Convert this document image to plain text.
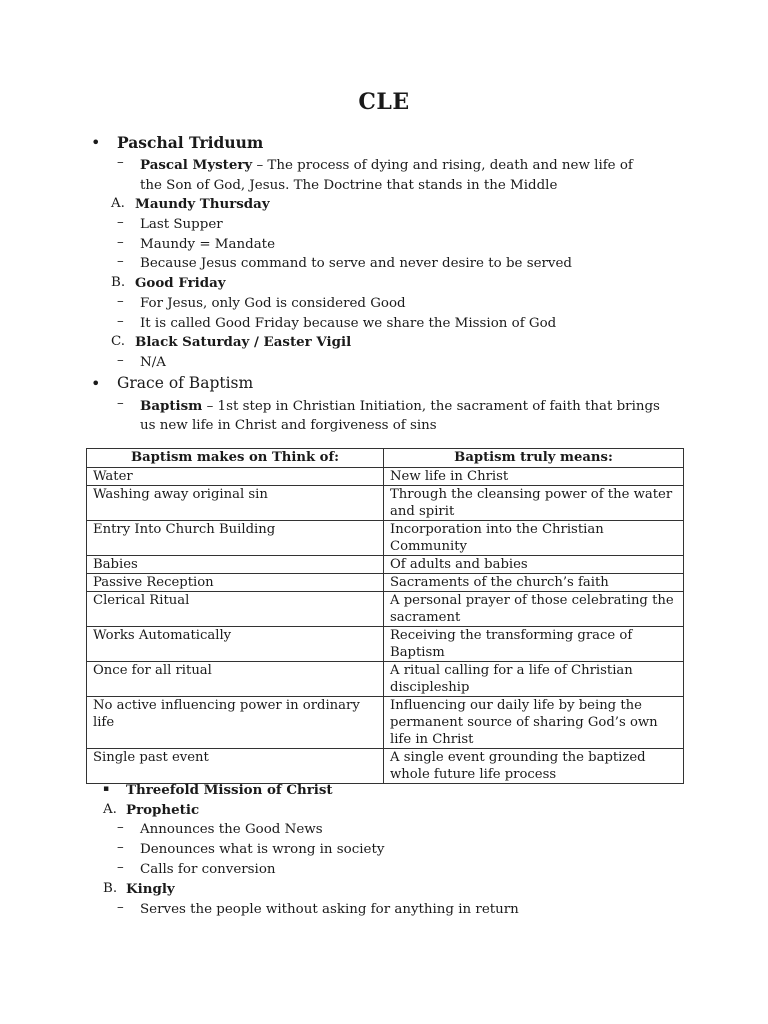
CLE
• Paschal Triduum
– Pascal Mystery – The process of dying and rising, death and new life of
the Son of God, Jesus. The Doctrine that stands in the Middle
A. Maundy Thursday
– Last Supper
– Maundy = Mandate
– Because Jesus command to serve and never desire to be served
B. Good Friday
– For Jesus, only God is considered Good
– It is called Good Friday because we share the Mission of God
C. Black Saturday / Easter Vigil
– N/A
• Grace of Baptism
– Baptism – 1st step in Christian Initiation, the sacrament of faith that brings
us new life in Christ and forgiveness of sins
Baptism makes on Think of:	Baptism truly means:
Water	New life in Christ
Washing away original sin	Through the cleansing power of the water and spirit
Entry Into Church Building	Incorporation into the Christian Community
Babies	Of adults and babies
Passive Reception	Sacraments of the church’s faith
Clerical Ritual	A personal prayer of those celebrating the sacrament
Works Automatically	Receiving the transforming grace of Baptism
Once for all ritual	A ritual calling for a life of Christian discipleship
No active influencing power in ordinary life	Influencing our daily life by being the permanent source of sharing God’s own life in Christ
Single past event	A single event grounding the baptized whole future life process
▪ Threefold Mission of Christ
A. Prophetic
– Announces the Good News
– Denounces what is wrong in society
– Calls for conversion
B. Kingly
– Serves the people without asking for anything in return
